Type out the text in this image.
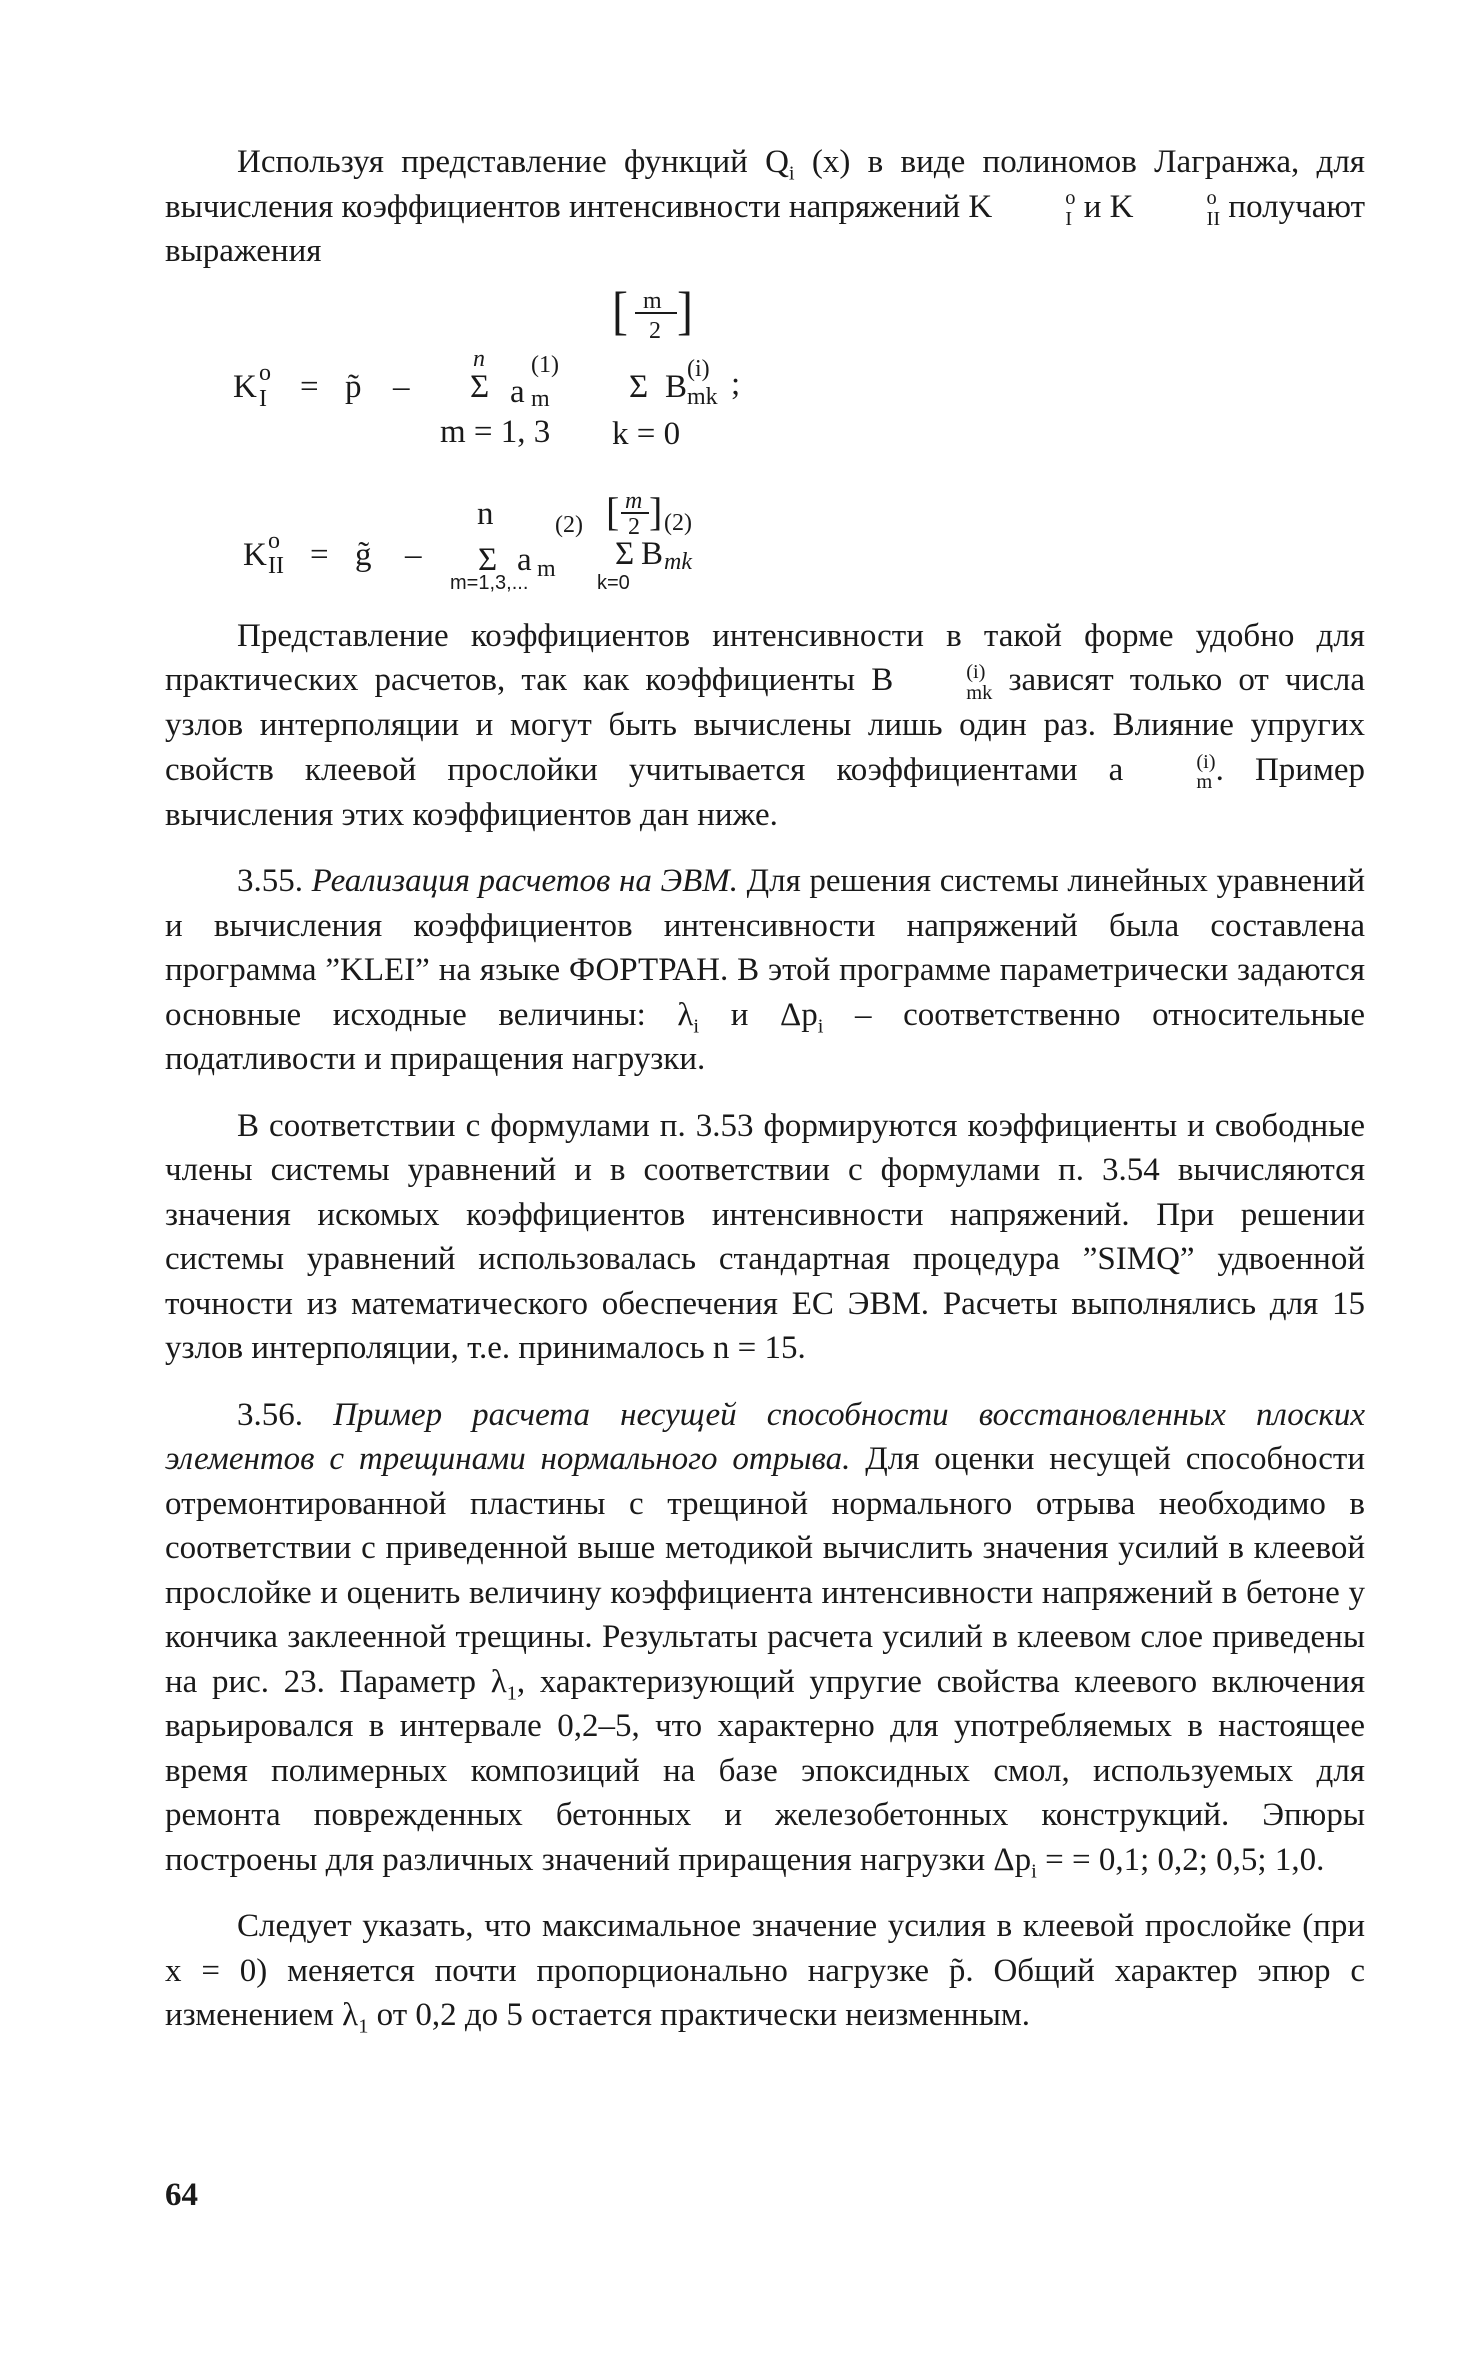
Используя представление функций $Q_i$ (x) в виде полиномов Лагранжа, для вычисления коэффициентов интенсивности напряжений K	o
I и K	o
II получают выражения

[ m
2 ]
K o
I = p̃ –
n
Σ a
(1)
m Σ B (i)
mk ;
m = 1, 3 k = 0
n	[ m
2 ]
K o
II = g̃ – Σ a
(2)
m Σ B
(2)
mk
m=1,3,...	k=0

Представление коэффициентов интенсивности в такой форме удобно для практических расчетов, так как коэффициенты B	(i)
mk зависят только от числа узлов интерполяции и могут быть вычислены лишь один раз. Влияние упругих свойств клеевой прослойки учитывается коэффициентами a	(i)
m . Пример вычисления этих коэффициентов дан ниже.

3.55. Реализация расчетов на ЭВМ. Для решения системы линейных уравнений и вычисления коэффициентов интенсивности напряжений была составлена программа ”KLEI” на языке ФОРТРАН. В этой программе параметрически задаются основные исходные величины: $\lambda_i$ и $\Delta p_i$ – соответственно относительные податливости и приращения нагрузки.

В соответствии с формулами п. 3.53 формируются коэффициенты и свободные члены системы уравнений и в соответствии с формулами п. 3.54 вычисляются значения искомых коэффициентов интенсивности напряжений. При решении системы уравнений использовалась стандартная процедура ”SIMQ” удвоенной точности из математического обеспечения ЕС ЭВМ. Расчеты выполнялись для 15 узлов интерполяции, т.е. принималось n = 15.

3.56. Пример расчета несущей способности восстановленных плоских элементов с трещинами нормального отрыва. Для оценки несущей способности отремонтированной пластины с трещиной нормального отрыва необходимо в соответствии с приведенной выше методикой вычислить значения усилий в клеевой прослойке и оценить величину коэффициента интенсивности напряжений в бетоне у кончика заклеенной трещины. Результаты расчета усилий в клеевом слое приведены на рис. 23. Параметр $\lambda_1$, характеризующий упругие свойства клеевого включения варьировался в интервале 0,2–5, что характерно для употребляемых в настоящее время полимерных композиций на базе эпоксидных смол, используемых для ремонта поврежденных бетонных и железобетонных конструкций. Эпюры построены для различных значений приращения нагрузки $\Delta p_i$ = = 0,1; 0,2; 0,5; 1,0.

Следует указать, что максимальное значение усилия в клеевой прослойке (при x = 0) меняется почти пропорционально нагрузке p̃. Общий характер эпюр с изменением $\lambda_1$ от 0,2 до 5 остается практически неизменным.

64
